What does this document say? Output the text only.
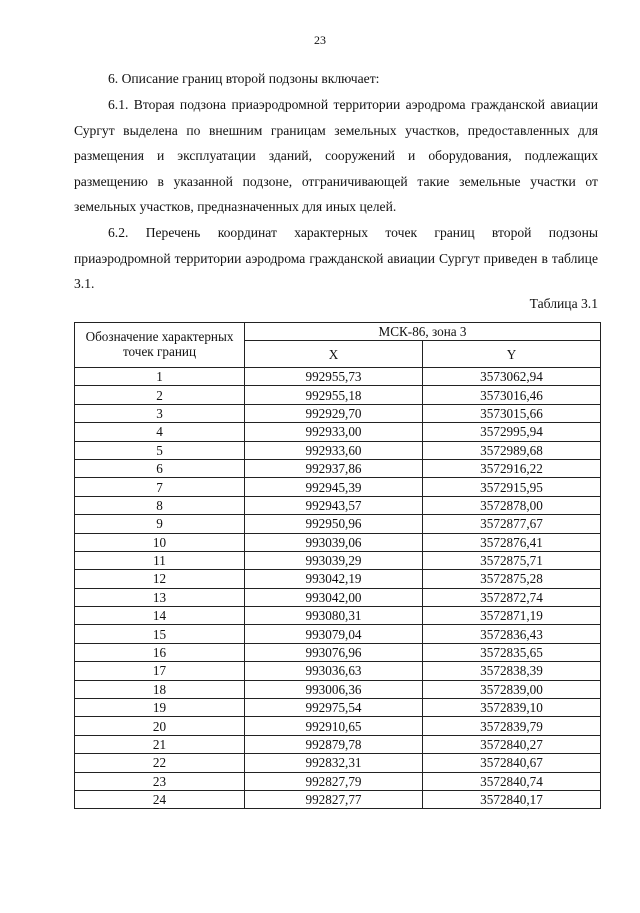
23

6. Описание границ второй подзоны включает:

6.1. Вторая подзона приаэродромной территории аэродрома гражданской авиации Сургут выделена по внешним границам земельных участков, предоставленных для размещения и эксплуатации зданий, сооружений и оборудования, подлежащих размещению в указанной подзоне, отграничивающей такие земельные участки от земельных участков, предназначенных для иных целей.

6.2. Перечень координат характерных точек границ второй подзоны приаэродромной территории аэродрома гражданской авиации Сургут приведен в таблице 3.1.

Таблица 3.1
Обозначение характерных точек границ	МСК-86, зона 3	
	X	Y
1	992955,73	3573062,94
2	992955,18	3573016,46
3	992929,70	3573015,66
4	992933,00	3572995,94
5	992933,60	3572989,68
6	992937,86	3572916,22
7	992945,39	3572915,95
8	992943,57	3572878,00
9	992950,96	3572877,67
10	993039,06	3572876,41
11	993039,29	3572875,71
12	993042,19	3572875,28
13	993042,00	3572872,74
14	993080,31	3572871,19
15	993079,04	3572836,43
16	993076,96	3572835,65
17	993036,63	3572838,39
18	993006,36	3572839,00
19	992975,54	3572839,10
20	992910,65	3572839,79
21	992879,78	3572840,27
22	992832,31	3572840,67
23	992827,79	3572840,74
24	992827,77	3572840,17
